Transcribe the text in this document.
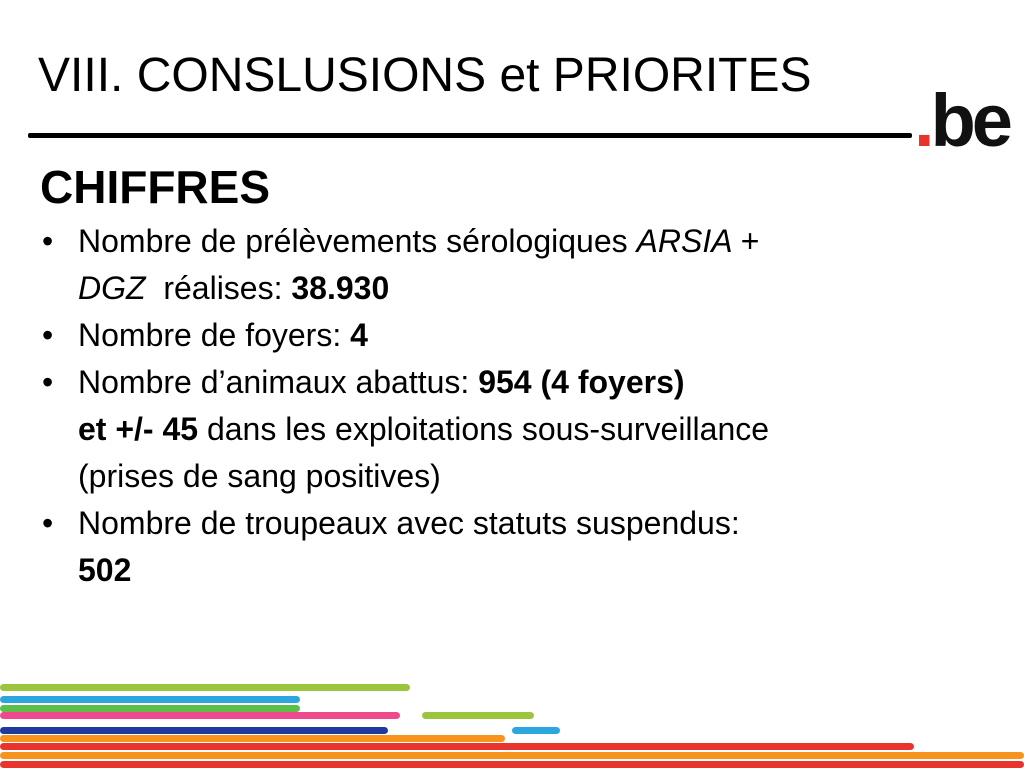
VIII. CONSLUSIONS et PRIORITES
.be
CHIFFRES
• Nombre de prélèvements sérologiques ARSIA +
DGZ  réalises: 38.930
• Nombre de foyers: 4
• Nombre d’animaux abattus: 954 (4 foyers)
et +/- 45 dans les exploitations sous-surveillance
(prises de sang positives)
• Nombre de troupeaux avec statuts suspendus:
502
